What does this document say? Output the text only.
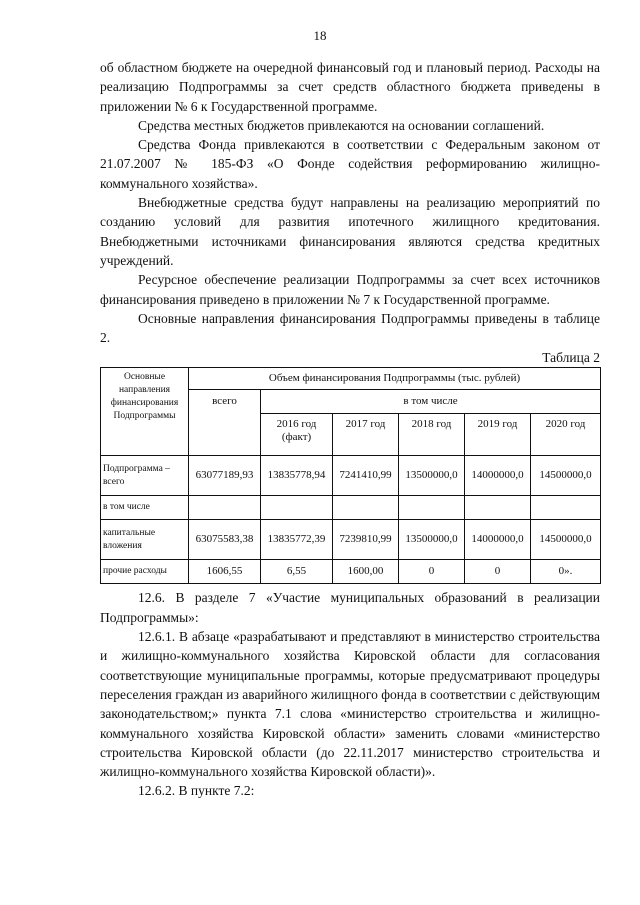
18

об областном бюджете на очередной финансовый год и плановый период. Расходы на реализацию Подпрограммы за счет средств областного бюджета приведены в приложении № 6 к Государственной программе.

Средства местных бюджетов привлекаются на основании соглашений.

Средства Фонда привлекаются в соответствии с Федеральным законом от 21.07.2007 № 185-ФЗ «О Фонде содействия реформированию жилищно-коммунального хозяйства».

Внебюджетные средства будут направлены на реализацию мероприятий по созданию условий для развития ипотечного жилищного кредитования. Внебюджетными источниками финансирования являются средства кредитных учреждений.

Ресурсное обеспечение реализации Подпрограммы за счет всех источников финансирования приведено в приложении № 7 к Государственной программе.

Основные направления финансирования Подпрограммы приведены в таблице 2.

Таблица 2
Основные направления финансирования Подпрограммы	Объем финансирования Подпрограммы (тыс. рублей)					
	всего	в том числе				
		2016 год (факт)	2017 год	2018 год	2019 год	2020 год
Подпрограмма – всего	63077189,93	13835778,94	7241410,99	13500000,0	14000000,0	14500000,0
в том числе						
капитальные вложения	63075583,38	13835772,39	7239810,99	13500000,0	14000000,0	14500000,0
прочие расходы	1606,55	6,55	1600,00	0	0	0».

12.6. В разделе 7 «Участие муниципальных образований в реализации Подпрограммы»:

12.6.1. В абзаце «разрабатывают и представляют в министерство строительства и жилищно-коммунального хозяйства Кировской области для согласования соответствующие муниципальные программы, которые предусматривают процедуры переселения граждан из аварийного жилищного фонда в соответствии с действующим законодательством;» пункта 7.1 слова «министерство строительства и жилищно-коммунального хозяйства Кировской области» заменить словами «министерство строительства Кировской области (до 22.11.2017 министерство строительства и жилищно-коммунального хозяйства Кировской области)».

12.6.2. В пункте 7.2:
